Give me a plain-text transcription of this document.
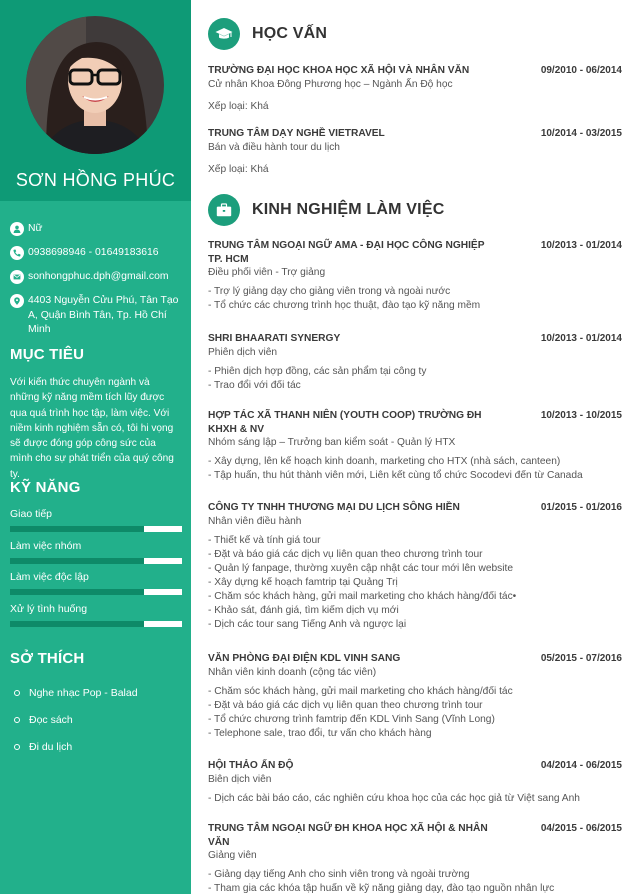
SƠN HỒNG PHÚC
Nữ
0938698946 - 01649183616
sonhongphuc.dph@gmail.com
4403 Nguyễn Cửu Phú, Tân Tạo A, Quận Bình Tân, Tp. Hồ Chí Minh
MỤC TIÊU
Với kiến thức chuyên ngành và những kỹ năng mềm tích lũy được qua quá trình học tập, làm việc. Với niềm kinh nghiệm sẵn có, tôi hi vọng sẽ được đóng góp công sức của mình cho sự phát triển của quý công ty.
KỸ NĂNG
Giao tiếp
Làm việc nhóm
Làm việc độc lập
Xử lý tình huống
SỞ THÍCH
Nghe nhạc Pop - Balad
Đọc sách
Đi du lịch
HỌC VẤN
TRƯỜNG ĐẠI HỌC KHOA HỌC XÃ HỘI VÀ NHÂN VĂN	09/2010 - 06/2014
Cử nhân Khoa Đông Phương học – Ngành Ấn Độ học
Xếp loại: Khá
TRUNG TÂM DẠY NGHỀ VIETRAVEL	10/2014 - 03/2015
Bán và điều hành tour du lịch
Xếp loại: Khá
KINH NGHIỆM LÀM VIỆC
TRUNG TÂM NGOẠI NGỮ AMA - ĐẠI HỌC CÔNG NGHIỆP TP. HCM
10/2013 - 01/2014
Điều phối viên - Trợ giảng
- Trợ lý giảng dạy cho giảng viên trong và ngoài nước
- Tổ chức các chương trình học thuật, đào tạo kỹ năng mềm
SHRI BHAARATI SYNERGY	10/2013 - 01/2014
Phiên dịch viên
- Phiên dịch hợp đồng, các sản phẩm tại công ty
- Trao đổi với đối tác
HỢP TÁC XÃ THANH NIÊN (YOUTH COOP) TRƯỜNG ĐH KHXH & NV
10/2013 - 10/2015
Nhóm sáng lập – Trưởng ban kiểm soát - Quản lý HTX
- Xây dựng, lên kế hoạch kinh doanh, marketing cho HTX (nhà sách, canteen)
- Tập huấn, thu hút thành viên mới, Liên kết cùng tổ chức Socodevi đến từ Canada
CÔNG TY TNHH THƯƠNG MẠI DU LỊCH SÔNG HIỀN	01/2015 - 01/2016
Nhân viên điều hành
- Thiết kế và tính giá tour
- Đặt và báo giá các dịch vụ liên quan theo chương trình tour
- Quản lý fanpage, thường xuyên cập nhật các tour mới lên website
- Xây dựng kế hoạch famtrip tại Quảng Trị
- Chăm sóc khách hàng, gửi mail marketing cho khách hàng/đối tác•
- Khảo sát, đánh giá, tìm kiếm dịch vụ mới
- Dịch các tour sang Tiếng Anh và ngược lại
VĂN PHÒNG ĐẠI ĐIỆN KDL VINH SANG	05/2015 - 07/2016
Nhân viên kinh doanh (cộng tác viên)
- Chăm sóc khách hàng, gửi mail marketing cho khách hàng/đối tác
- Đặt và báo giá các dịch vụ liên quan theo chương trình tour
- Tổ chức chương trình famtrip đến KDL Vinh Sang (Vĩnh Long)
- Telephone sale, trao đổi, tư vấn cho khách hàng
HỘI THẢO ẤN ĐỘ	04/2014 - 06/2015
Biên dịch viên
- Dịch các bài báo cáo, các nghiên cứu khoa học của các học giả từ Việt sang Anh
TRUNG TÂM NGOẠI NGỮ ĐH KHOA HỌC XÃ HỘI & NHÂN VĂN
04/2015 - 06/2015
Giảng viên
- Giảng dạy tiếng Anh cho sinh viên trong và ngoài trường
- Tham gia các khóa tập huấn về kỹ năng giảng dạy, đào tạo nguồn nhân lực
